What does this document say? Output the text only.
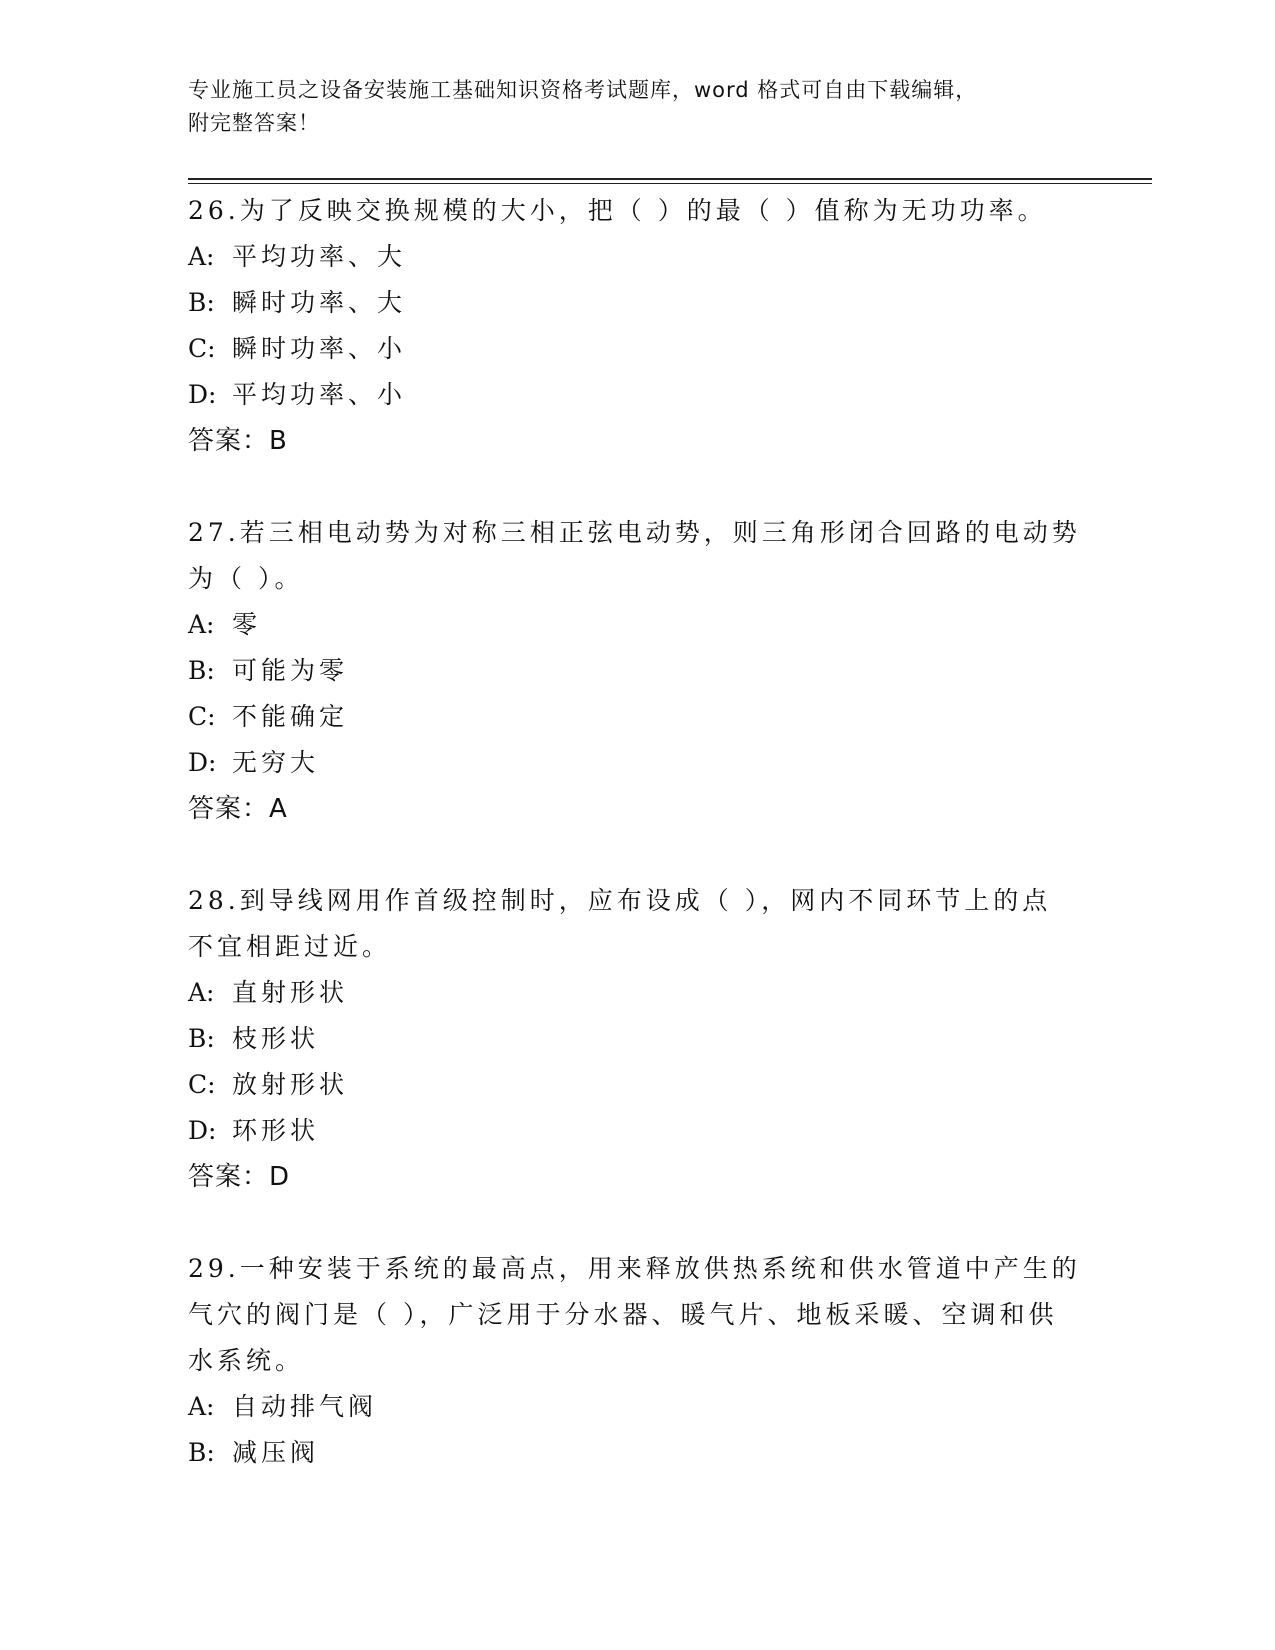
专业施工员之设备安装施工基础知识资格考试题库，word 格式可自由下载编辑，
附完整答案！
26.为了反映交换规模的大小，把（ ）的最（ ）值称为无功功率。
A: 平均功率、大
B: 瞬时功率、大
C: 瞬时功率、小
D: 平均功率、小
答案：B
27.若三相电动势为对称三相正弦电动势，则三角形闭合回路的电动势
为（ ）。
A: 零
B: 可能为零
C: 不能确定
D: 无穷大
答案：A
28.到导线网用作首级控制时，应布设成（ ），网内不同环节上的点
不宜相距过近。
A: 直射形状
B: 枝形状
C: 放射形状
D: 环形状
答案：D
29.一种安装于系统的最高点，用来释放供热系统和供水管道中产生的
气穴的阀门是（ ），广泛用于分水器、暖气片、地板采暖、空调和供
水系统。
A: 自动排气阀
B: 减压阀
